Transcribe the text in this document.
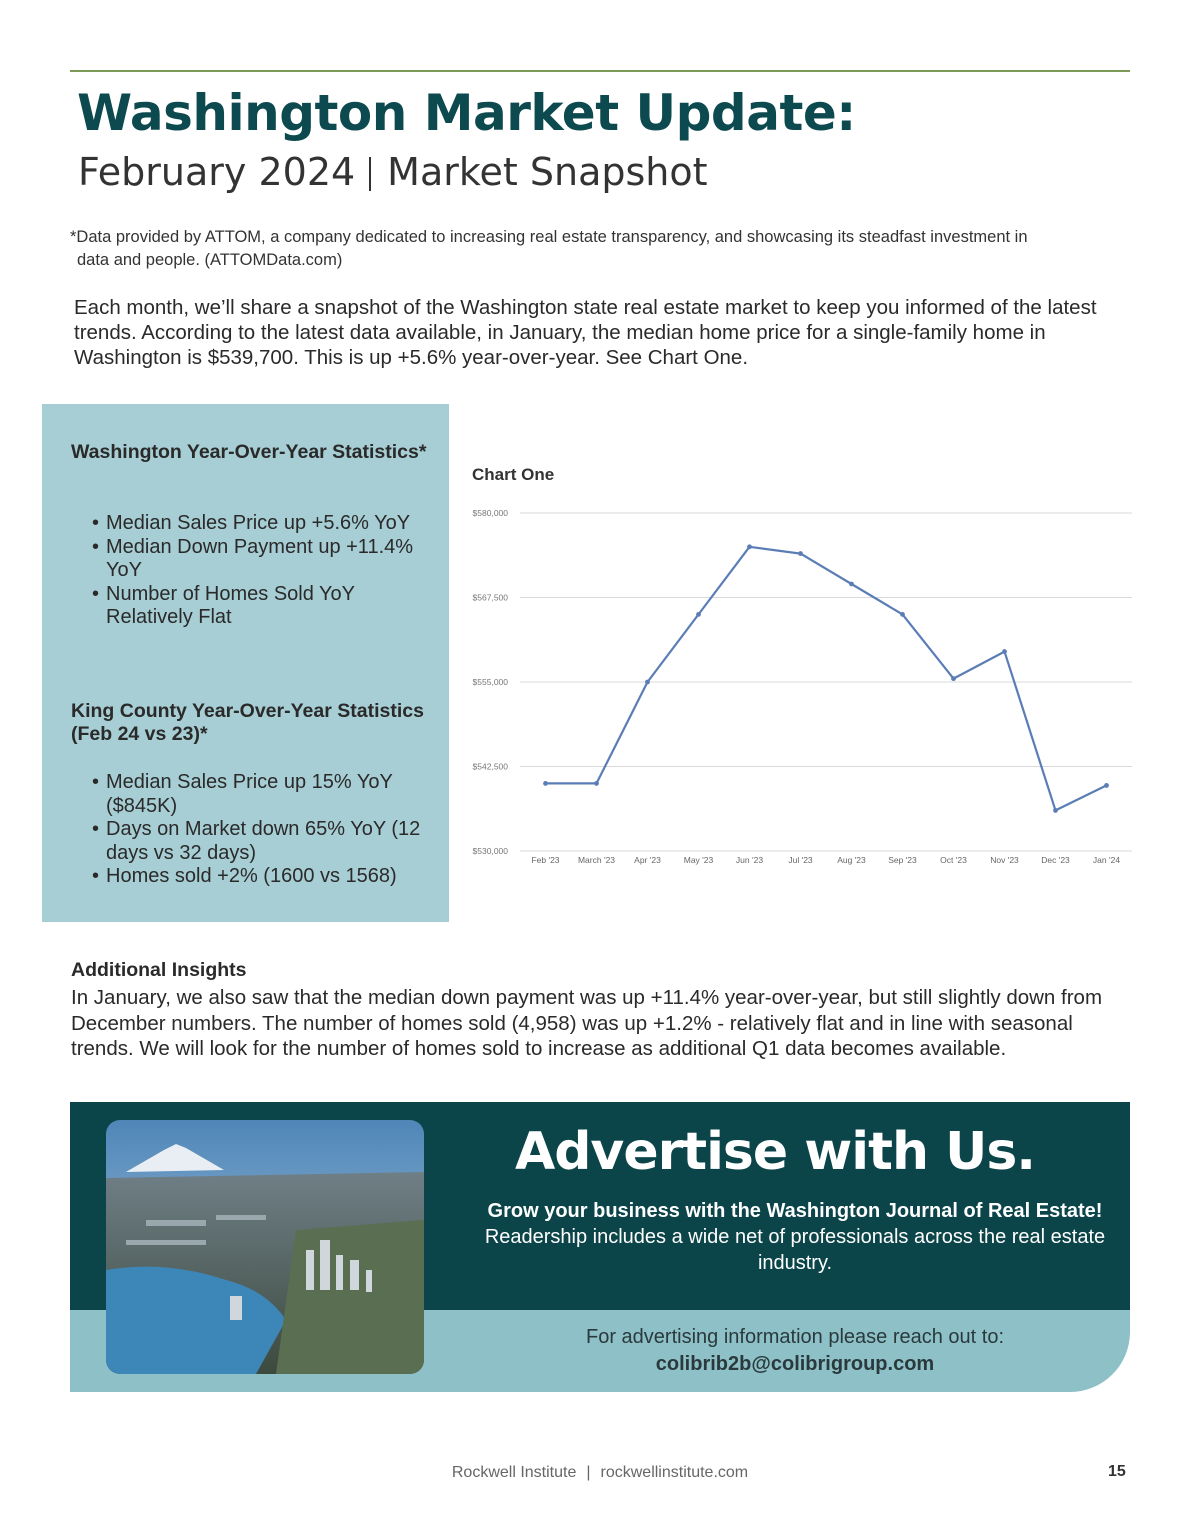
Washington Market Update:
February 2024 Market Snapshot

*Data provided by ATTOM, a company dedicated to increasing real estate transparency, and showcasing its steadfast investment in
data and people. (ATTOMData.com)

Each month, we’ll share a snapshot of the Washington state real estate market to keep you informed of the latest trends. According to the latest data available, in January, the median home price for a single-family home in Washington is $539,700. This is up +5.6% year-over-year. See Chart One.

Washington Year-Over-Year Statistics*
• Median Sales Price up +5.6% YoY
• Median Down Payment up +11.4% YoY
• Number of Homes Sold YoY Relatively Flat
King County Year-Over-Year Statistics (Feb 24 vs 23)*
• Median Sales Price up 15% YoY ($845K)
• Days on Market down 65% YoY (12 days vs 32 days)
• Homes sold +2% (1600 vs 1568)
Chart One
$530,000
$542,500
$555,000
$567,500
$580,000
Feb '23 March '23 Apr '23	May '23	Jun '23	Jul '23	Aug '23	Sep '23	Oct '23	Nov '23	Dec '23	Jan '24
Additional Insights

In January, we also saw that the median down payment was up +11.4% year-over-year, but still slightly down from December numbers. The number of homes sold (4,958) was up +1.2% - relatively flat and in line with seasonal trends. We will look for the number of homes sold to increase as additional Q1 data becomes available.

Advertise with Us.

Grow your business with the Washington Journal of Real Estate! Readership includes a wide net of professionals across the real estate industry.

For advertising information please reach out to:
colibrib2b@colibrigroup.com
Rockwell Institute | rockwellinstitute.com	15
